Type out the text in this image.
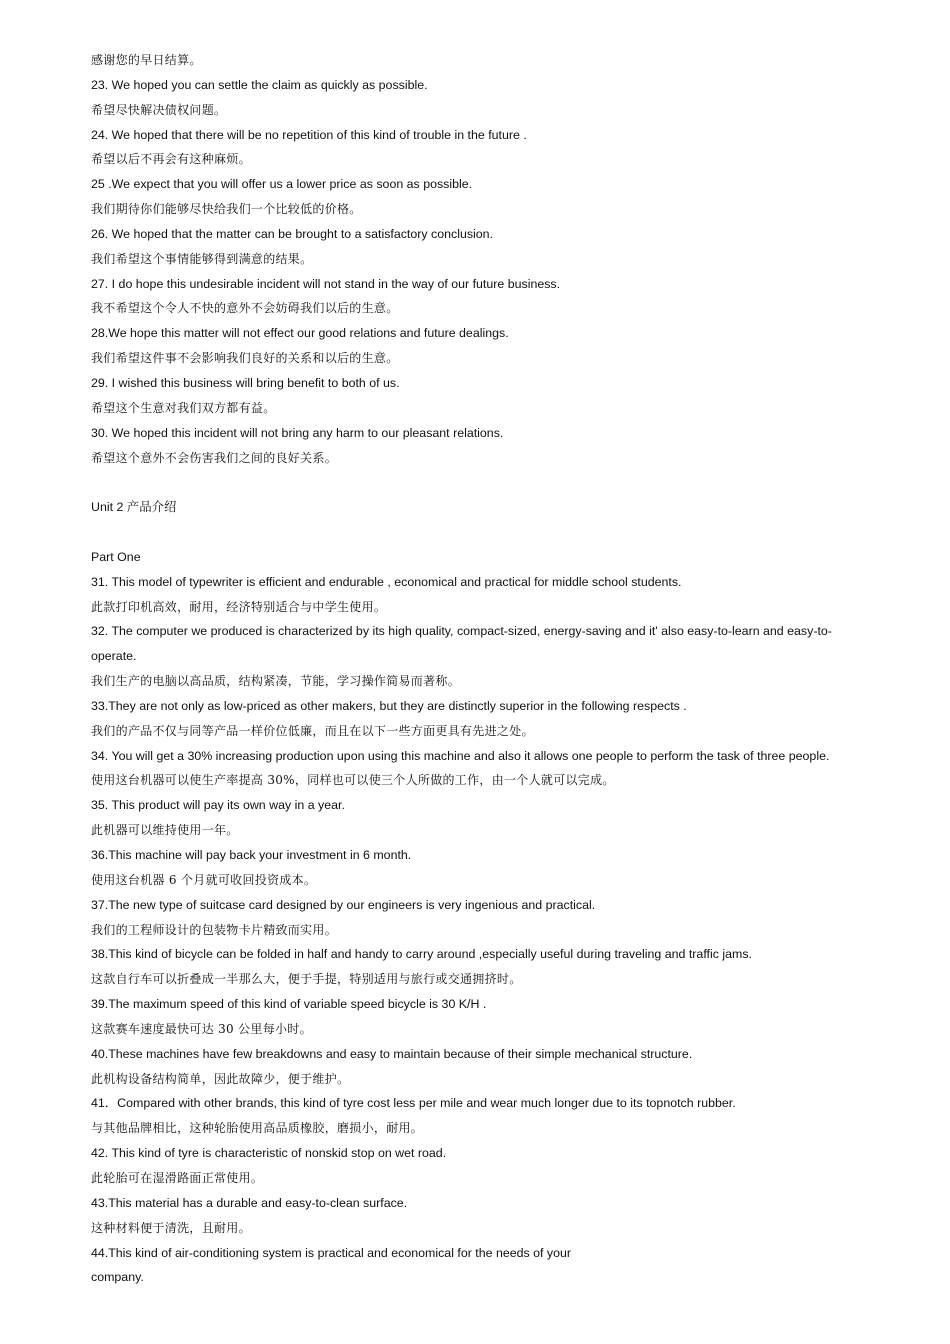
感谢您的早日结算。
23. We hoped you can settle the claim as quickly as possible.
希望尽快解决债权问题。
24. We hoped that there will be no repetition of this kind of trouble in the future .
希望以后不再会有这种麻烦。
25 .We expect that you will offer us a lower price as soon as possible.
我们期待你们能够尽快给我们一个比较低的价格。
26. We hoped that the matter can be brought to a satisfactory conclusion.
我们希望这个事情能够得到满意的结果。
27. I do hope this undesirable incident will not stand in the way of our future business.
我不希望这个令人不快的意外不会妨碍我们以后的生意。
28.We hope this matter will not effect our good relations and future dealings.
我们希望这件事不会影响我们良好的关系和以后的生意。
29. I wished this business will bring benefit to both of us.
希望这个生意对我们双方都有益。
30. We hoped this incident will not bring any harm to our pleasant relations.
希望这个意外不会伤害我们之间的良好关系。
Unit 2 产品介绍
Part One
31. This model of typewriter is efficient and endurable , economical and practical for middle school students.
此款打印机高效，耐用，经济特别适合与中学生使用。
32. The computer we produced is characterized by its high quality, compact-sized, energy-saving and it' also easy-to-learn and easy-to-
operate.
我们生产的电脑以高品质，结构紧凑，节能，学习操作简易而著称。
33.They are not only as low-priced as other makers, but they are distinctly superior in the following respects .
我们的产品不仅与同等产品一样价位低廉，而且在以下一些方面更具有先进之处。
34. You will get a 30% increasing production upon using this machine and also it allows one people to perform the task of three people.
使用这台机器可以使生产率提高 30%，同样也可以使三个人所做的工作，由一个人就可以完成。
35. This product will pay its own way in a year.
此机器可以维持使用一年。
36.This machine will pay back your investment in 6 month.
使用这台机器 6 个月就可收回投资成本。
37.The new type of suitcase card designed by our engineers is very ingenious and practical.
我们的工程师设计的包装物卡片精致而实用。
38.This kind of bicycle can be folded in half and handy to carry around ,especially useful during traveling and traffic jams.
这款自行车可以折叠成一半那么大，便于手提，特别适用与旅行或交通拥挤时。
39.The maximum speed of this kind of variable speed bicycle is 30 K/H .
这款赛车速度最快可达 30 公里每小时。
40.These machines have few breakdowns and easy to maintain because of their simple mechanical structure.
此机构设备结构简单，因此故障少，便于维护。
41．Compared with other brands, this kind of tyre cost less per mile and wear much longer due to its topnotch rubber.
与其他品牌相比，这种轮胎使用高品质橡胶，磨损小，耐用。
42. This kind of tyre is characteristic of nonskid stop on wet road.
此轮胎可在湿滑路面正常使用。
43.This material has a durable and easy-to-clean surface.
这种材料便于清洗，且耐用。
44.This kind of air-conditioning system is practical and economical for the needs of your
company.
